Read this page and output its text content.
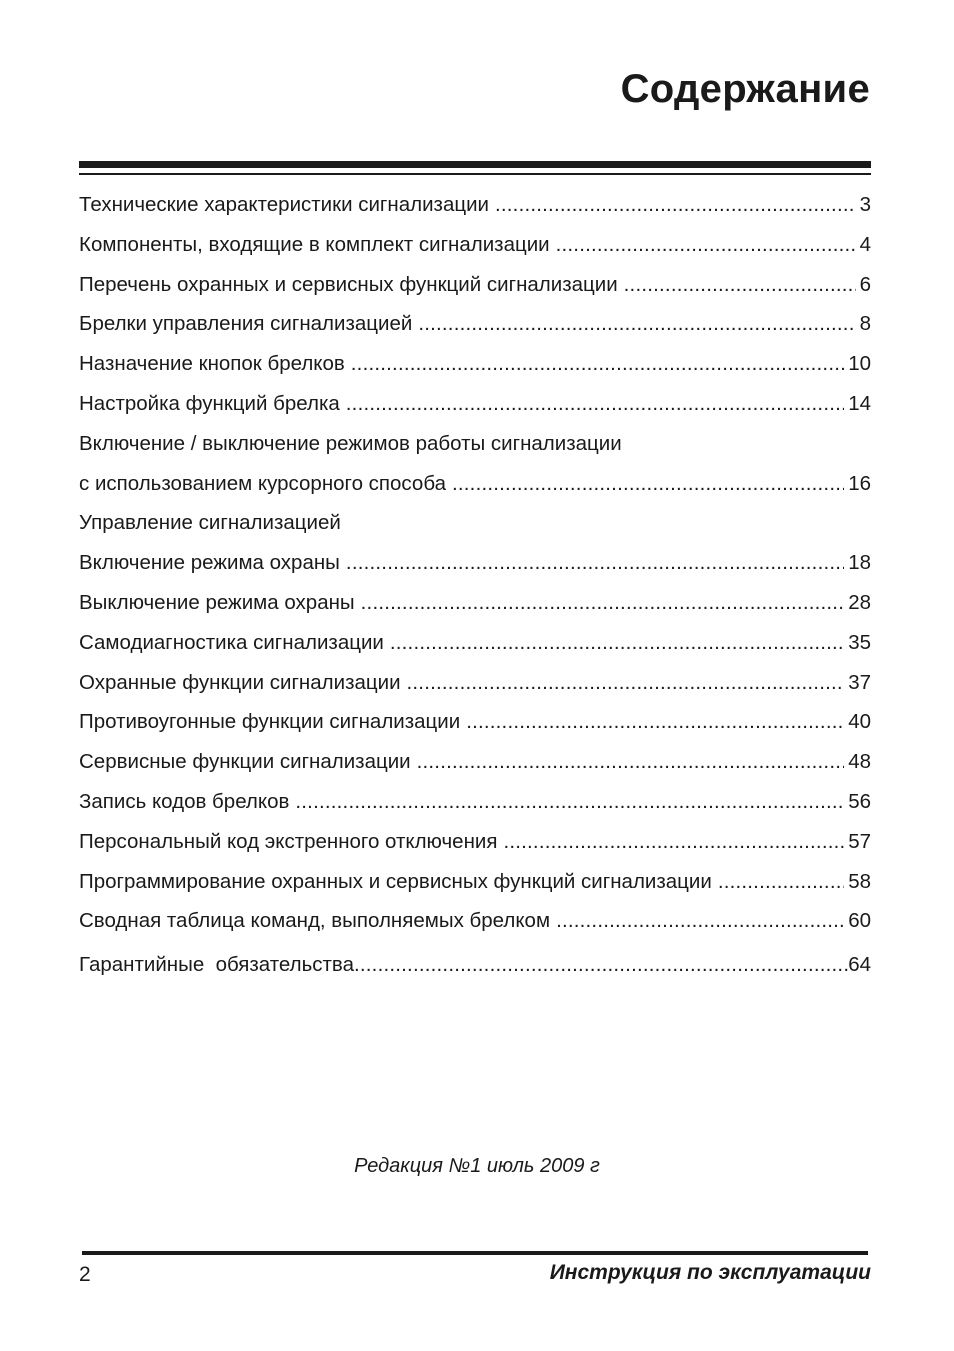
Содержание
Технические характеристики сигнализации .....	3
Компоненты, входящие в комплект сигнализации .....	4
Перечень охранных и сервисных функций сигнализации .....	6
Брелки управления сигнализацией .....	8
Назначение кнопок брелков .....	10
Настройка функций брелка .....	14
Включение / выключение режимов работы сигнализации
с использованием курсорного способа .....	16
Управление сигнализацией
Включение режима охраны .....	18
Выключение режима охраны .....	28
Самодиагностика сигнализации .....	35
Охранные функции сигнализации .....	37
Противоугонные функции сигнализации .....	40
Сервисные функции сигнализации .....	48
Запись кодов брелков .....	56
Персональный код экстренного отключения .....	57
Программирование охранных и сервисных функций сигнализации .....	58
Сводная таблица команд, выполняемых брелком .....	60
Гарантийные  обязательства .....	64
Редакция №1 июль 2009 г
2	Инструкция по эксплуатации
